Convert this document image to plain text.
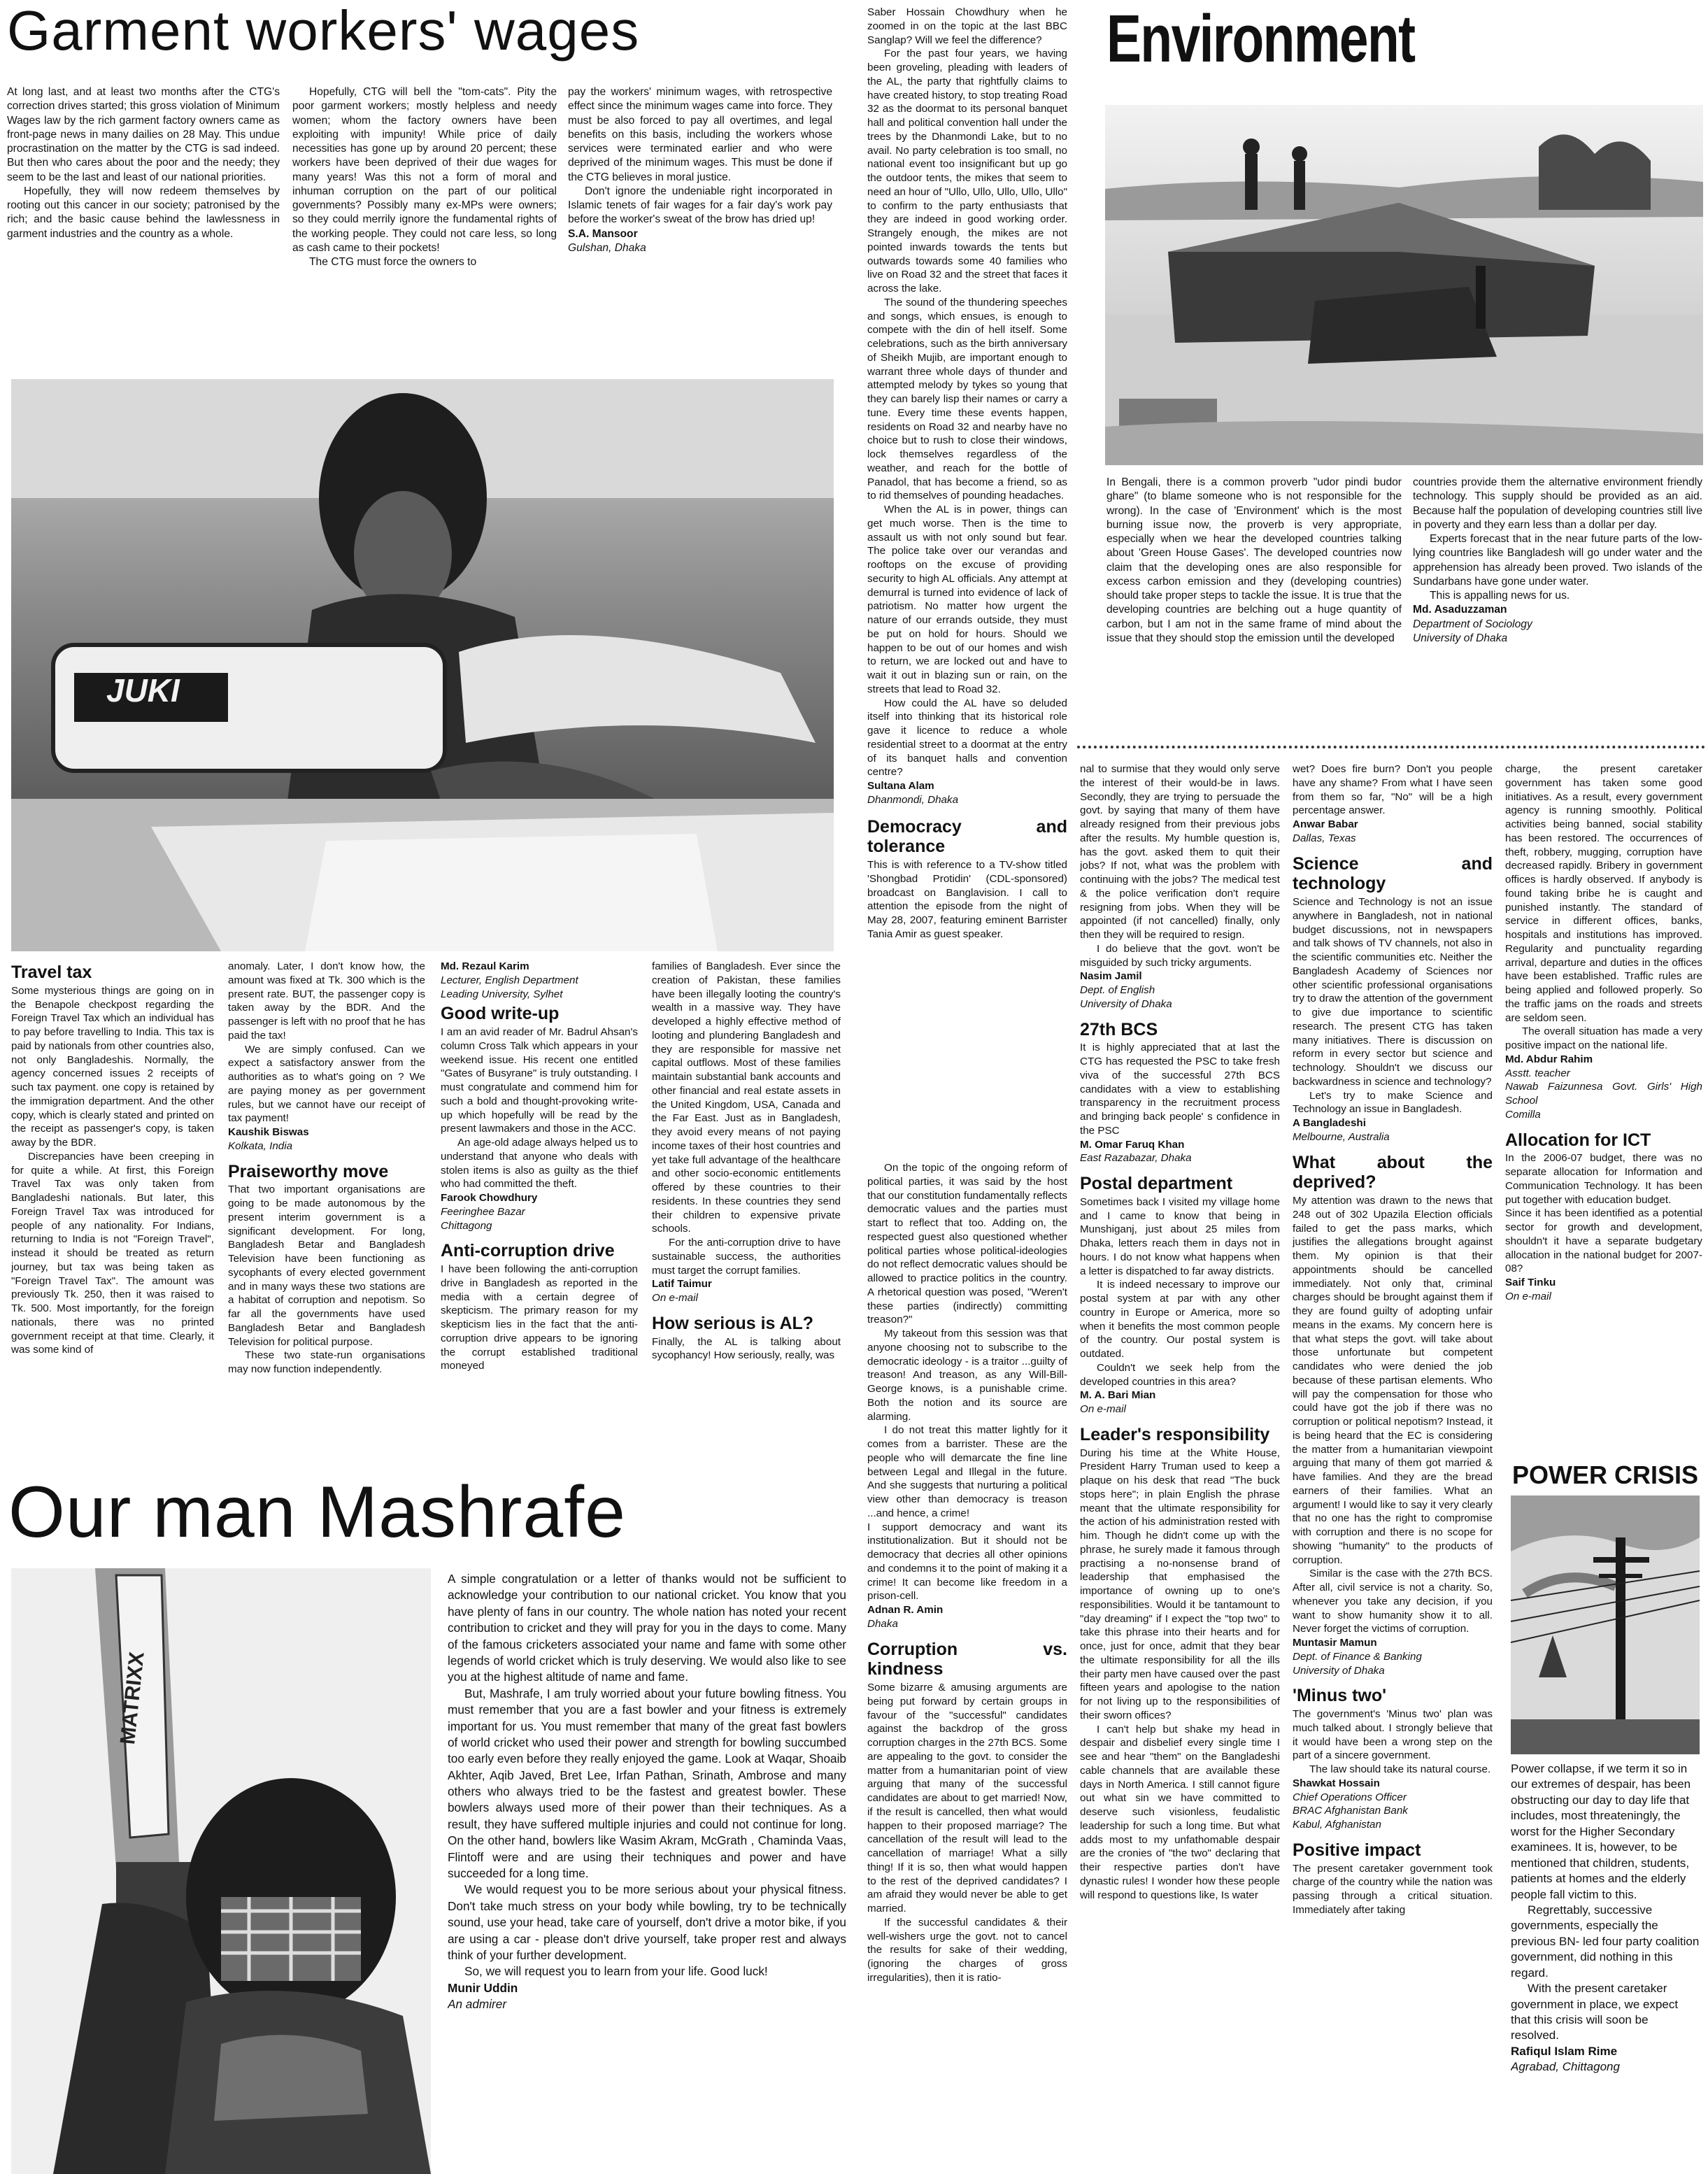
Garment workers' wages

At long last, and at least two months after the CTG's correction drives started; this gross violation of Minimum Wages law by the rich garment factory owners came as front-page news in many dailies on 28 May. This undue procrastination on the matter by the CTG is sad indeed. But then who cares about the poor and the needy; they seem to be the last and least of our national priorities.

Hopefully, they will now redeem themselves by rooting out this cancer in our society; patronised by the rich; and the basic cause behind the lawlessness in garment industries and the country as a whole.

Hopefully, CTG will bell the "tom-cats". Pity the poor garment workers; mostly helpless and needy women; whom the factory owners have been exploiting with impunity! While price of daily necessities has gone up by around 20 percent; these workers have been deprived of their due wages for many years! Was this not a form of moral and inhuman corruption on the part of our political governments? Possibly many ex-MPs were owners; so they could merrily ignore the fundamental rights of the working people. They could not care less, so long as cash came to their pockets!

The CTG must force the owners to

pay the workers' minimum wages, with retrospective effect since the minimum wages came into force. They must be also forced to pay all overtimes, and legal benefits on this basis, including the workers whose services were terminated earlier and who were deprived of the minimum wages. This must be done if the CTG believes in moral justice.

Don't ignore the undeniable right incorporated in Islamic tenets of fair wages for a fair day's work pay before the worker's sweat of the brow has dried up!

S.A. Mansoor

Gulshan, Dhaka

JUKI

Saber Hossain Chowdhury when he zoomed in on the topic at the last BBC Sanglap? Will we feel the difference?

For the past four years, we having been groveling, pleading with leaders of the AL, the party that rightfully claims to have created history, to stop treating Road 32 as the doormat to its personal banquet hall and political convention hall under the trees by the Dhanmondi Lake, but to no avail. No party celebration is too small, no national event too insignificant but up go the outdoor tents, the mikes that seem to need an hour of "Ullo, Ullo, Ullo, Ullo, Ullo" to confirm to the party enthusiasts that they are indeed in good working order. Strangely enough, the mikes are not pointed inwards towards the tents but outwards towards some 40 families who live on Road 32 and the street that faces it across the lake.

The sound of the thundering speeches and songs, which ensues, is enough to compete with the din of hell itself. Some celebrations, such as the birth anniversary of Sheikh Mujib, are important enough to warrant three whole days of thunder and attempted melody by tykes so young that they can barely lisp their names or carry a tune. Every time these events happen, residents on Road 32 and nearby have no choice but to rush to close their windows, lock themselves regardless of the weather, and reach for the bottle of Panadol, that has become a friend, so as to rid themselves of pounding headaches.

When the AL is in power, things can get much worse. Then is the time to assault us with not only sound but fear. The police take over our verandas and rooftops on the excuse of providing security to high AL officials. Any attempt at demurral is turned into evidence of lack of patriotism. No matter how urgent the nature of our errands outside, they must be put on hold for hours. Should we happen to be out of our homes and wish to return, we are locked out and have to wait it out in blazing sun or rain, on the streets that lead to Road 32.

How could the AL have so deluded itself into thinking that its historical role gave it licence to reduce a whole residential street to a doormat at the entry of its banquet halls and convention centre?

Sultana Alam

Dhanmondi, Dhaka

Democracy and tolerance

This is with reference to a TV-show titled 'Shongbad Protidin' (CDL-sponsored) broadcast on Banglavision. I call to attention the episode from the night of May 28, 2007, featuring eminent Barrister Tania Amir as guest speaker.

Environment

In Bengali, there is a common proverb "udor pindi budor ghare" (to blame someone who is not responsible for the wrong). In the case of 'Environment' which is the most burning issue now, the proverb is very appropriate, especially when we hear the developed countries talking about 'Green House Gases'. The developed countries now claim that the developing ones are also responsible for excess carbon emission and they (developing countries) should take proper steps to tackle the issue. It is true that the developing countries are belching out a huge quantity of carbon, but I am not in the same frame of mind about the issue that they should stop the emission until the developed

countries provide them the alternative environment friendly technology. This supply should be provided as an aid. Because half the population of developing countries still live in poverty and they earn less than a dollar per day.

Experts forecast that in the near future parts of the low-lying countries like Bangladesh will go under water and the apprehension has already been proved. Two islands of the Sundarbans have gone under water.

This is appalling news for us.

Md. Asaduzzaman

Department of Sociology

University of Dhaka

Travel tax

Some mysterious things are going on in the Benapole checkpost regarding the Foreign Travel Tax which an individual has to pay before travelling to India. This tax is paid by nationals from other countries also, not only Bangladeshis. Normally, the agency concerned issues 2 receipts of such tax payment. one copy is retained by the immigration department. And the other copy, which is clearly stated and printed on the receipt as passenger's copy, is taken away by the BDR.

Discrepancies have been creeping in for quite a while. At first, this Foreign Travel Tax was only taken from Bangladeshi nationals. But later, this Foreign Travel Tax was introduced for people of any nationality. For Indians, returning to India is not "Foreign Travel", instead it should be treated as return journey, but tax was being taken as "Foreign Travel Tax". The amount was previously Tk. 250, then it was raised to Tk. 500. Most importantly, for the foreign nationals, there was no printed government receipt at that time. Clearly, it was some kind of

anomaly. Later, I don't know how, the amount was fixed at Tk. 300 which is the present rate. BUT, the passenger copy is taken away by the BDR. And the passenger is left with no proof that he has paid the tax!

We are simply confused. Can we expect a satisfactory answer from the authorities as to what's going on ? We are paying money as per government rules, but we cannot have our receipt of tax payment!

Kaushik Biswas

Kolkata, India

Praiseworthy move

That two important organisations are going to be made autonomous by the present interim government is a significant development. For long, Bangladesh Betar and Bangladesh Television have been functioning as sycophants of every elected government and in many ways these two stations are a habitat of corruption and nepotism. So far all the governments have used Bangladesh Betar and Bangladesh Television for political purpose.

These two state-run organisations may now function independently.

Md. Rezaul Karim

Lecturer, English Department

Leading University, Sylhet

Good write-up

I am an avid reader of Mr. Badrul Ahsan's column Cross Talk which appears in your weekend issue. His recent one entitled "Gates of Busyrane" is truly outstanding. I must congratulate and commend him for such a bold and thought-provoking write-up which hopefully will be read by the present lawmakers and those in the ACC.

An age-old adage always helped us to understand that anyone who deals with stolen items is also as guilty as the thief who had committed the theft.

Farook Chowdhury

Feeringhee Bazar

Chittagong

Anti-corruption drive

I have been following the anti-corruption drive in Bangladesh as reported in the media with a certain degree of skepticism. The primary reason for my skepticism lies in the fact that the anti-corruption drive appears to be ignoring the corrupt established traditional moneyed

families of Bangladesh. Ever since the creation of Pakistan, these families have been illegally looting the country's wealth in a massive way. They have developed a highly effective method of looting and plundering Bangladesh and they are responsible for massive net capital outflows. Most of these families maintain substantial bank accounts and other financial and real estate assets in the United Kingdom, USA, Canada and the Far East. Just as in Bangladesh, they avoid every means of not paying income taxes of their host countries and yet take full advantage of the healthcare and other socio-economic entitlements offered by these countries to their residents. In these countries they send their children to expensive private schools.

For the anti-corruption drive to have sustainable success, the authorities must target the corrupt families.

Latif Taimur

On e-mail

How serious is AL?

Finally, the AL is talking about sycophancy! How seriously, really, was

On the topic of the ongoing reform of political parties, it was said by the host that our constitution fundamentally reflects democratic values and the parties must start to reflect that too. Adding on, the respected guest also questioned whether political parties whose political-ideologies do not reflect democratic values should be allowed to practice politics in the country. A rhetorical question was posed, "Weren't these parties (indirectly) committing treason?"

My takeout from this session was that anyone choosing not to subscribe to the democratic ideology - is a traitor ...guilty of treason! And treason, as any Will-Bill-George knows, is a punishable crime. Both the notion and its source are alarming.

I do not treat this matter lightly for it comes from a barrister. These are the people who will demarcate the fine line between Legal and Illegal in the future. And she suggests that nurturing a political view other than democracy is treason ...and hence, a crime!

I support democracy and want its institutionalization. But it should not be democracy that decries all other opinions and condemns it to the point of making it a crime! It can become like freedom in a prison-cell.

Adnan R. Amin

Dhaka

Corruption vs. kindness

Some bizarre & amusing arguments are being put forward by certain groups in favour of the "successful" candidates against the backdrop of the gross corruption charges in the 27th BCS. Some are appealing to the govt. to consider the matter from a humanitarian point of view arguing that many of the successful candidates are about to get married! Now, if the result is cancelled, then what would happen to their proposed marriage? The cancellation of the result will lead to the cancellation of marriage! What a silly thing! If it is so, then what would happen to the rest of the deprived candidates? I am afraid they would never be able to get married.

If the successful candidates & their well-wishers urge the govt. not to cancel the results for sake of their wedding, (ignoring the charges of gross irregularities), then it is ratio-

nal to surmise that they would only serve the interest of their would-be in laws. Secondly, they are trying to persuade the govt. by saying that many of them have already resigned from their previous jobs after the results. My humble question is, has the govt. asked them to quit their jobs? If not, what was the problem with continuing with the jobs? The medical test & the police verification don't require resigning from jobs. When they will be appointed (if not cancelled) finally, only then they will be required to resign.

I do believe that the govt. won't be misguided by such tricky arguments.

Nasim Jamil

Dept. of English

University of Dhaka

27th BCS

It is highly appreciated that at last the CTG has requested the PSC to take fresh viva of the successful 27th BCS candidates with a view to establishing transparency in the recruitment process and bringing back people' s confidence in the PSC

M. Omar Faruq Khan

East Razabazar, Dhaka

Postal department

Sometimes back I visited my village home and I came to know that being in Munshiganj, just about 25 miles from Dhaka, letters reach them in days not in hours. I do not know what happens when a letter is dispatched to far away districts.

It is indeed necessary to improve our postal system at par with any other country in Europe or America, more so when it benefits the most common people of the country. Our postal system is outdated.

Couldn't we seek help from the developed countries in this area?

M. A. Bari Mian

On e-mail

Leader's responsibility

During his time at the White House, President Harry Truman used to keep a plaque on his desk that read "The buck stops here"; in plain English the phrase meant that the ultimate responsibility for the action of his administration rested with him. Though he didn't come up with the phrase, he surely made it famous through practising a no-nonsense brand of leadership that emphasised the importance of owning up to one's responsibilities. Would it be tantamount to "day dreaming" if I expect the "top two" to take this phrase into their hearts and for once, just for once, admit that they bear the ultimate responsibility for all the ills their party men have caused over the past fifteen years and apologise to the nation for not living up to the responsibilities of their sworn offices?

I can't help but shake my head in despair and disbelief every single time I see and hear "them" on the Bangladeshi cable channels that are available these days in North America. I still cannot figure out what sin we have committed to deserve such visionless, feudalistic leadership for such a long time. But what adds most to my unfathomable despair are the cronies of "the two" declaring that their respective parties don't have dynastic rules! I wonder how these people will respond to questions like, Is water

wet? Does fire burn? Don't you people have any shame? From what I have seen from them so far, "No" will be a high percentage answer.

Anwar Babar

Dallas, Texas

Science and technology

Science and Technology is not an issue anywhere in Bangladesh, not in national budget discussions, not in newspapers and talk shows of TV channels, not also in the scientific communities etc. Neither the Bangladesh Academy of Sciences nor other scientific professional organisations try to draw the attention of the government to give due importance to scientific research. The present CTG has taken many initiatives. There is discussion on reform in every sector but science and technology. Shouldn't we discuss our backwardness in science and technology?

Let's try to make Science and Technology an issue in Bangladesh.

A Bangladeshi

Melbourne, Australia

What about the deprived?

My attention was drawn to the news that 248 out of 302 Upazila Election officials failed to get the pass marks, which justifies the allegations brought against them. My opinion is that their appointments should be cancelled immediately. Not only that, criminal charges should be brought against them if they are found guilty of adopting unfair means in the exams. My concern here is that what steps the govt. will take about those unfortunate but competent candidates who were denied the job because of these partisan elements. Who will pay the compensation for those who could have got the job if there was no corruption or political nepotism? Instead, it is being heard that the EC is considering the matter from a humanitarian viewpoint arguing that many of them got married & have families. And they are the bread earners of their families. What an argument! I would like to say it very clearly that no one has the right to compromise with corruption and there is no scope for showing "humanity" to the products of corruption.

Similar is the case with the 27th BCS. After all, civil service is not a charity. So, whenever you take any decision, if you want to show humanity show it to all. Never forget the victims of corruption.

Muntasir Mamun

Dept. of Finance & Banking

University of Dhaka

'Minus two'

The government's 'Minus two' plan was much talked about. I strongly believe that it would have been a wrong step on the part of a sincere government.

The law should take its natural course.

Shawkat Hossain

Chief Operations Officer

BRAC Afghanistan Bank

Kabul, Afghanistan

Positive impact

The present caretaker government took charge of the country while the nation was passing through a critical situation. Immediately after taking

charge, the present caretaker government has taken some good initiatives. As a result, every government agency is running smoothly. Political activities being banned, social stability has been restored. The occurrences of theft, robbery, mugging, corruption have decreased rapidly. Bribery in government offices is hardly observed. If anybody is found taking bribe he is caught and punished instantly. The standard of service in different offices, banks, hospitals and institutions has improved. Regularity and punctuality regarding arrival, departure and duties in the offices have been established. Traffic rules are being applied and followed properly. So the traffic jams on the roads and streets are seldom seen.

The overall situation has made a very positive impact on the national life.

Md. Abdur Rahim

Asstt. teacher

Nawab Faizunnesa Govt. Girls' High School

Comilla

Allocation for ICT

In the 2006-07 budget, there was no separate allocation for Information and Communication Technology. It has been put together with education budget.

Since it has been identified as a potential sector for growth and development, shouldn't it have a separate budgetary allocation in the national budget for 2007-08?

Saif Tinku

On e-mail

POWER CRISIS

Power collapse, if we term it so in our extremes of despair, has been obstructing our day to day life that includes, most threateningly, the worst for the Higher Secondary examinees. It is, however, to be mentioned that children, students, patients at homes and the elderly people fall victim to this.

Regrettably, successive governments, especially the previous BN- led four party coalition government, did nothing in this regard.

With the present caretaker government in place, we expect that this crisis will soon be resolved.

Rafiqul Islam Rime

Agrabad, Chittagong

Our man Mashrafe
MATRIXX

A simple congratulation or a letter of thanks would not be sufficient to acknowledge your contribution to our national cricket. You know that you have plenty of fans in our country. The whole nation has noted your recent contribution to cricket and they will pray for you in the days to come. Many of the famous cricketers associated your name and fame with some other legends of world cricket which is truly deserving. We would also like to see you at the highest altitude of name and fame.

But, Mashrafe, I am truly worried about your future bowling fitness. You must remember that you are a fast bowler and your fitness is extremely important for us. You must remember that many of the great fast bowlers of world cricket who used their power and strength for bowling succumbed too early even before they really enjoyed the game. Look at Waqar, Shoaib Akhter, Aqib Javed, Bret Lee, Irfan Pathan, Srinath, Ambrose and many others who always tried to be the fastest and greatest bowler. These bowlers always used more of their power than their techniques. As a result, they have suffered multiple injuries and could not continue for long. On the other hand, bowlers like Wasim Akram, McGrath , Chaminda Vaas, Flintoff were and are using their techniques and power and have succeeded for a long time.

We would request you to be more serious about your physical fitness. Don't take much stress on your body while bowling, try to be technically sound, use your head, take care of yourself, don't drive a motor bike, if you are using a car - please don't drive yourself, take proper rest and always think of your further development.

So, we will request you to learn from your life. Good luck!

Munir Uddin

An admirer
